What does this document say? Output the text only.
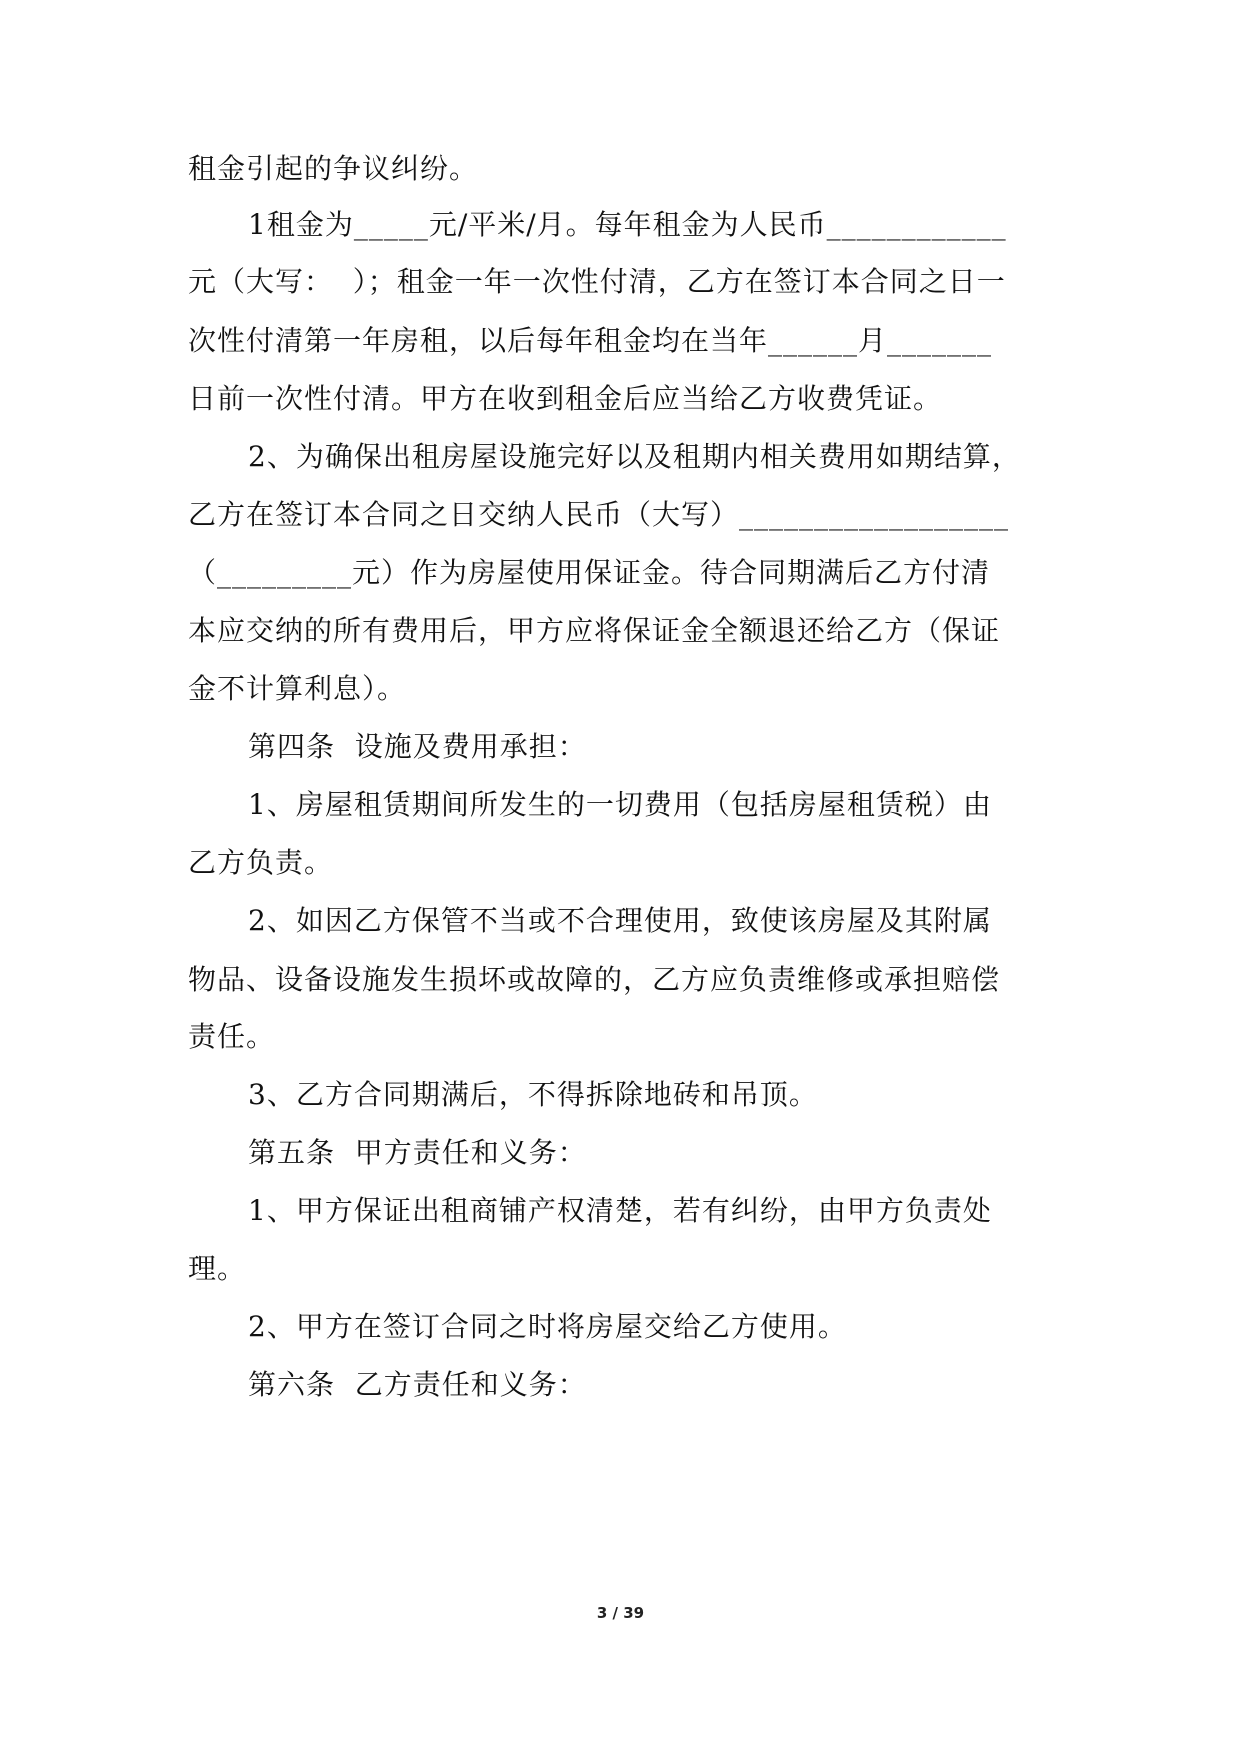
租金引起的争议纠纷。
1租金为_____元/平米/月。每年租金为人民币____________
元（大写：  ）；租金一年一次性付清，乙方在签订本合同之日一
次性付清第一年房租，以后每年租金均在当年______月_______
日前一次性付清。甲方在收到租金后应当给乙方收费凭证。
2、为确保出租房屋设施完好以及租期内相关费用如期结算，
乙方在签订本合同之日交纳人民币（大写）__________________
（_________元）作为房屋使用保证金。待合同期满后乙方付清
本应交纳的所有费用后，甲方应将保证金全额退还给乙方（保证
金不计算利息）。
第四条  设施及费用承担：
1、房屋租赁期间所发生的一切费用（包括房屋租赁税）由
乙方负责。
2、如因乙方保管不当或不合理使用，致使该房屋及其附属
物品、设备设施发生损坏或故障的，乙方应负责维修或承担赔偿
责任。
3、乙方合同期满后，不得拆除地砖和吊顶。
第五条  甲方责任和义务：
1、甲方保证出租商铺产权清楚，若有纠纷，由甲方负责处
理。
2、甲方在签订合同之时将房屋交给乙方使用。
第六条  乙方责任和义务：
3 / 39
